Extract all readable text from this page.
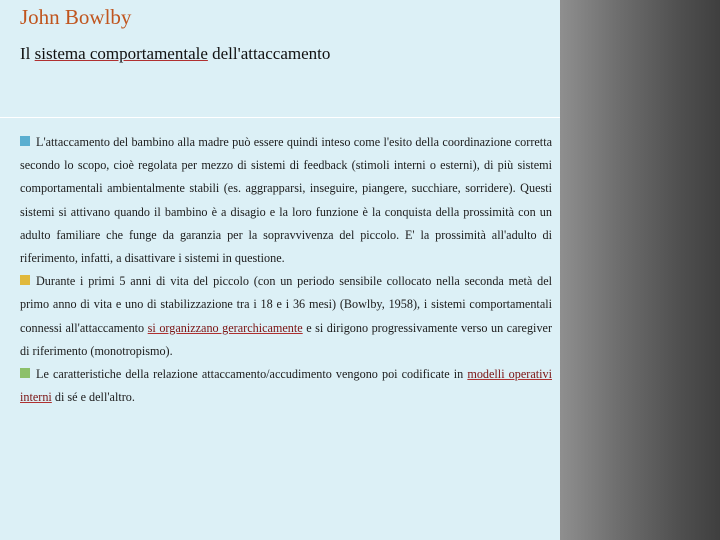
John Bowlby
Il sistema comportamentale dell'attaccamento

L'attaccamento del bambino alla madre può essere quindi inteso come l'esito della coordinazione corretta secondo lo scopo, cioè regolata per mezzo di sistemi di feedback (stimoli interni o esterni), di più sistemi comportamentali ambientalmente stabili (es. aggrapparsi, inseguire, piangere, succhiare, sorridere). Questi sistemi si attivano quando il bambino è a disagio e la loro funzione è la conquista della prossimità con un adulto familiare che funge da garanzia per la sopravvivenza del piccolo. E' la prossimità all'adulto di riferimento, infatti, a disattivare i sistemi in questione.

Durante i primi 5 anni di vita del piccolo (con un periodo sensibile collocato nella seconda metà del primo anno di vita e uno di stabilizzazione tra i 18 e i 36 mesi) (Bowlby, 1958), i sistemi comportamentali connessi all'attaccamento si organizzano gerarchicamente e si dirigono progressivamente verso un caregiver di riferimento (monotropismo).

Le caratteristiche della relazione attaccamento/accudimento vengono poi codificate in modelli operativi interni di sé e dell'altro.
